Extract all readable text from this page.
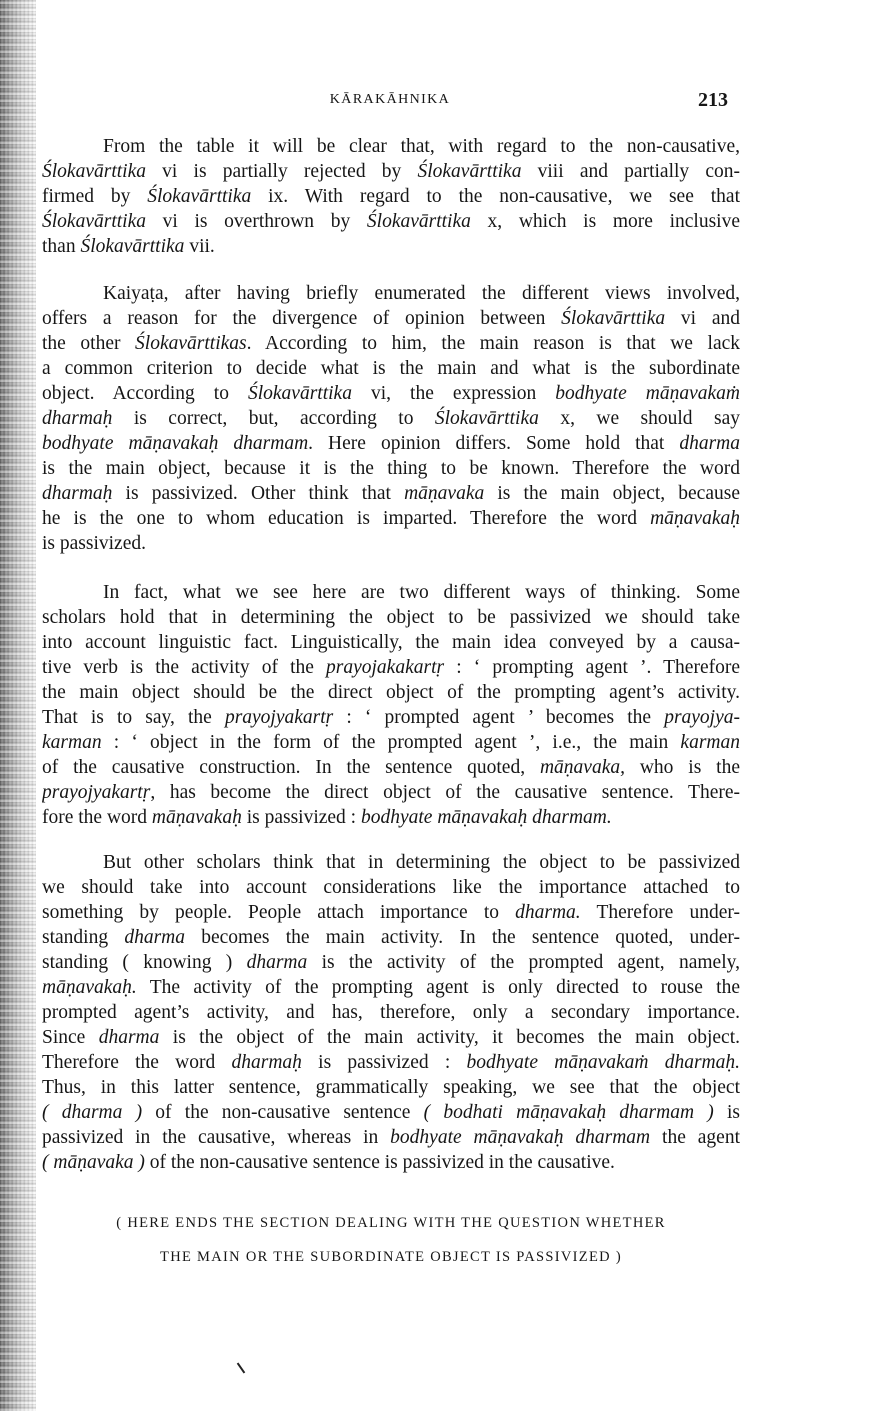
KĀRAKĀHNIKA	213
From the table it will be clear that, with regard to the non-causative,
Ślokavārttika vi is partially rejected by Ślokavārttika viii and partially con-
firmed by Ślokavārttika ix. With regard to the non-causative, we see that
Ślokavārttika vi is overthrown by Ślokavārttika x, which is more inclusive
than Ślokavārttika vii.
Kaiyaṭa, after having briefly enumerated the different views involved,
offers a reason for the divergence of opinion between Ślokavārttika vi and
the other Ślokavārttikas. According to him, the main reason is that we lack
a common criterion to decide what is the main and what is the subordinate
object. According to Ślokavārttika vi, the expression bodhyate māṇavakaṁ
dharmaḥ is correct, but, according to Ślokavārttika x, we should say
bodhyate māṇavakaḥ dharmam. Here opinion differs. Some hold that dharma
is the main object, because it is the thing to be known. Therefore the word
dharmaḥ is passivized. Other think that māṇavaka is the main object, because
he is the one to whom education is imparted. Therefore the word māṇavakaḥ
is passivized.
In fact, what we see here are two different ways of thinking. Some
scholars hold that in determining the object to be passivized we should take
into account linguistic fact. Linguistically, the main idea conveyed by a causa-
tive verb is the activity of the prayojakakartṛ : ‘ prompting agent ’. Therefore
the main object should be the direct object of the prompting agent’s activity.
That is to say, the prayojyakartṛ : ‘ prompted agent ’ becomes the prayojya-
karman : ‘ object in the form of the prompted agent ’, i.e., the main karman
of the causative construction. In the sentence quoted, māṇavaka, who is the
prayojyakartṛ, has become the direct object of the causative sentence. There-
fore the word māṇavakaḥ is passivized : bodhyate māṇavakaḥ dharmam.
But other scholars think that in determining the object to be passivized
we should take into account considerations like the importance attached to
something by people. People attach importance to dharma. Therefore under-
standing dharma becomes the main activity. In the sentence quoted, under-
standing ( knowing ) dharma is the activity of the prompted agent, namely,
māṇavakaḥ. The activity of the prompting agent is only directed to rouse the
prompted agent’s activity, and has, therefore, only a secondary importance.
Since dharma is the object of the main activity, it becomes the main object.
Therefore the word dharmaḥ is passivized : bodhyate māṇavakaṁ dharmaḥ.
Thus, in this latter sentence, grammatically speaking, we see that the object
( dharma ) of the non-causative sentence ( bodhati māṇavakaḥ dharmam ) is
passivized in the causative, whereas in bodhyate māṇavakaḥ dharmam the agent
( māṇavaka ) of the non-causative sentence is passivized in the causative.
( HERE ENDS THE SECTION DEALING WITH THE QUESTION WHETHER
THE MAIN OR THE SUBORDINATE OBJECT IS PASSIVIZED )
